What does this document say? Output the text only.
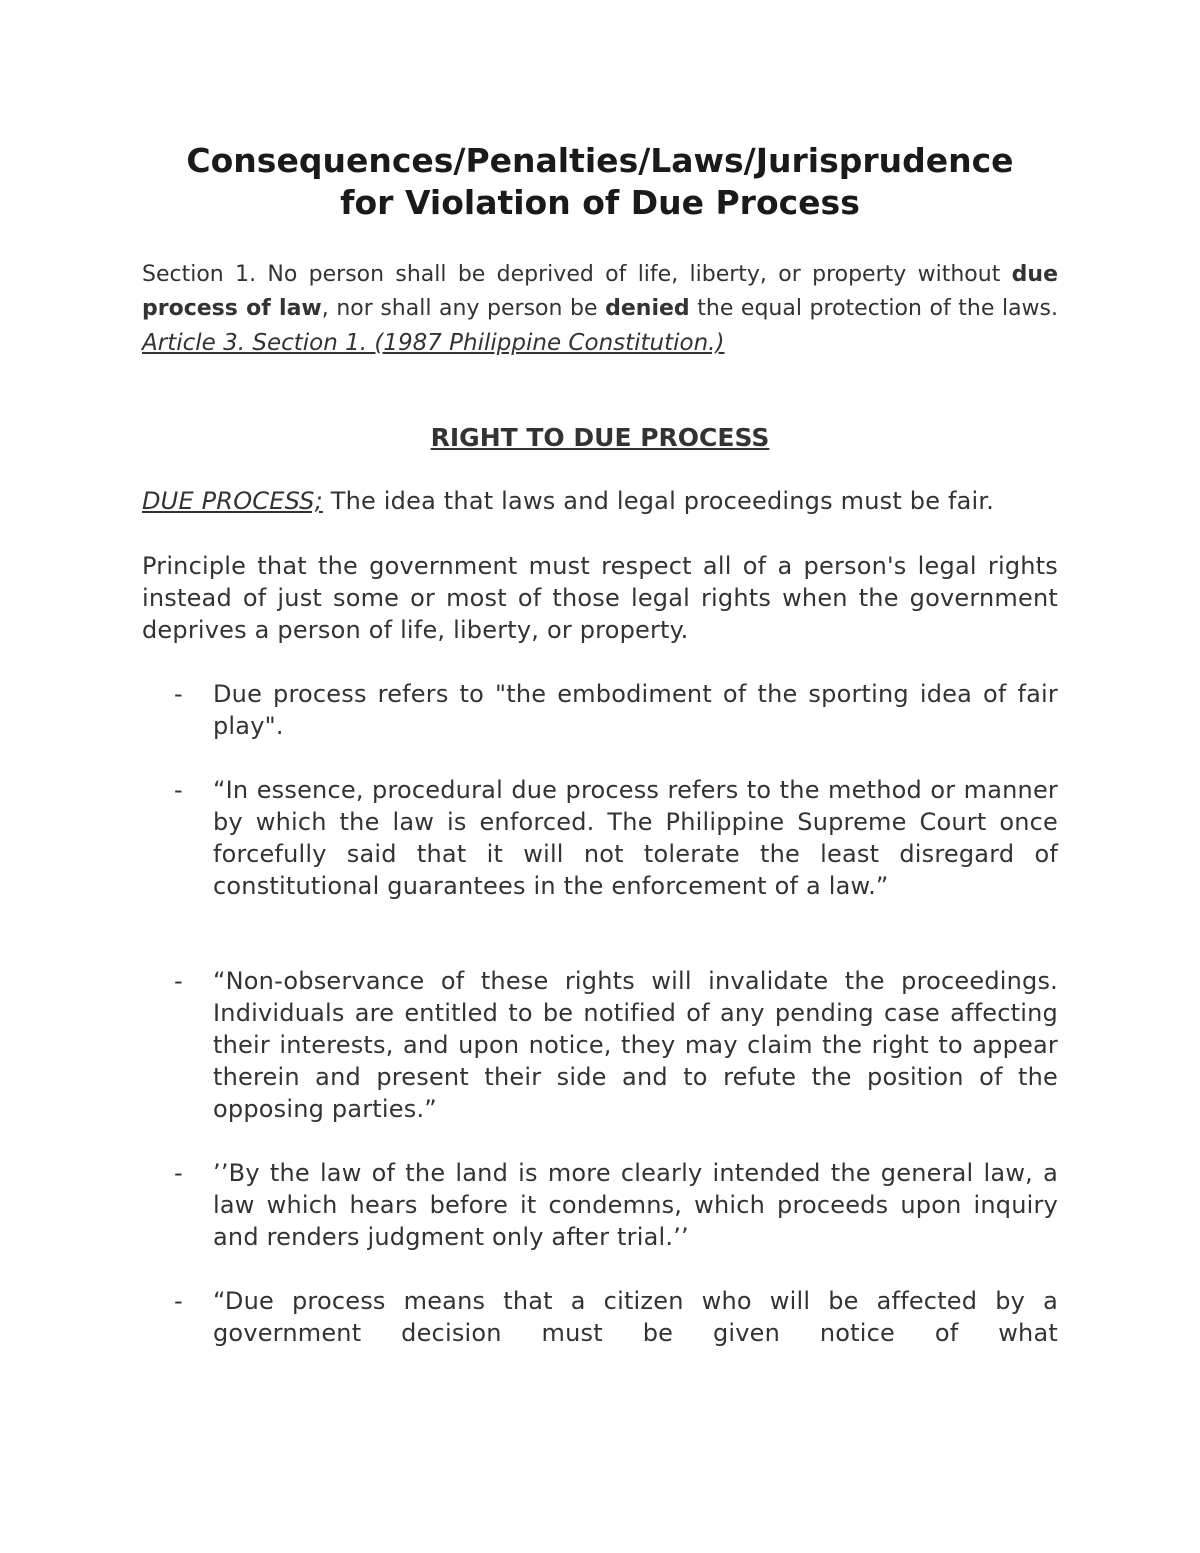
Consequences/Penalties/Laws/Jurisprudence
for Violation of Due Process

Section 1. No person shall be deprived of life, liberty, or property without due process of law, nor shall any person be denied the equal protection of the laws. Article 3. Section 1. (1987 Philippine Constitution.)

RIGHT TO DUE PROCESS

DUE PROCESS; The idea that laws and legal proceedings must be fair.

Principle that the government must respect all of a person's legal rights instead of just some or most of those legal rights when the government deprives a person of life, liberty, or property.

- Due process refers to "the embodiment of the sporting idea of fair play".
- “In essence, procedural due process refers to the method or manner by which the law is enforced. The Philippine Supreme Court once forcefully said that it will not tolerate the least disregard of constitutional guarantees in the enforcement of a law.”
- “Non-observance of these rights will invalidate the proceedings. Individuals are entitled to be notified of any pending case affecting their interests, and upon notice, they may claim the right to appear therein and present their side and to refute the position of the opposing parties.”
- ’’By the law of the land is more clearly intended the general law, a law which hears before it condemns, which proceeds upon inquiry and renders judgment only after trial.’’
- “Due process means that a citizen who will be affected by a government decision must be given notice of what
